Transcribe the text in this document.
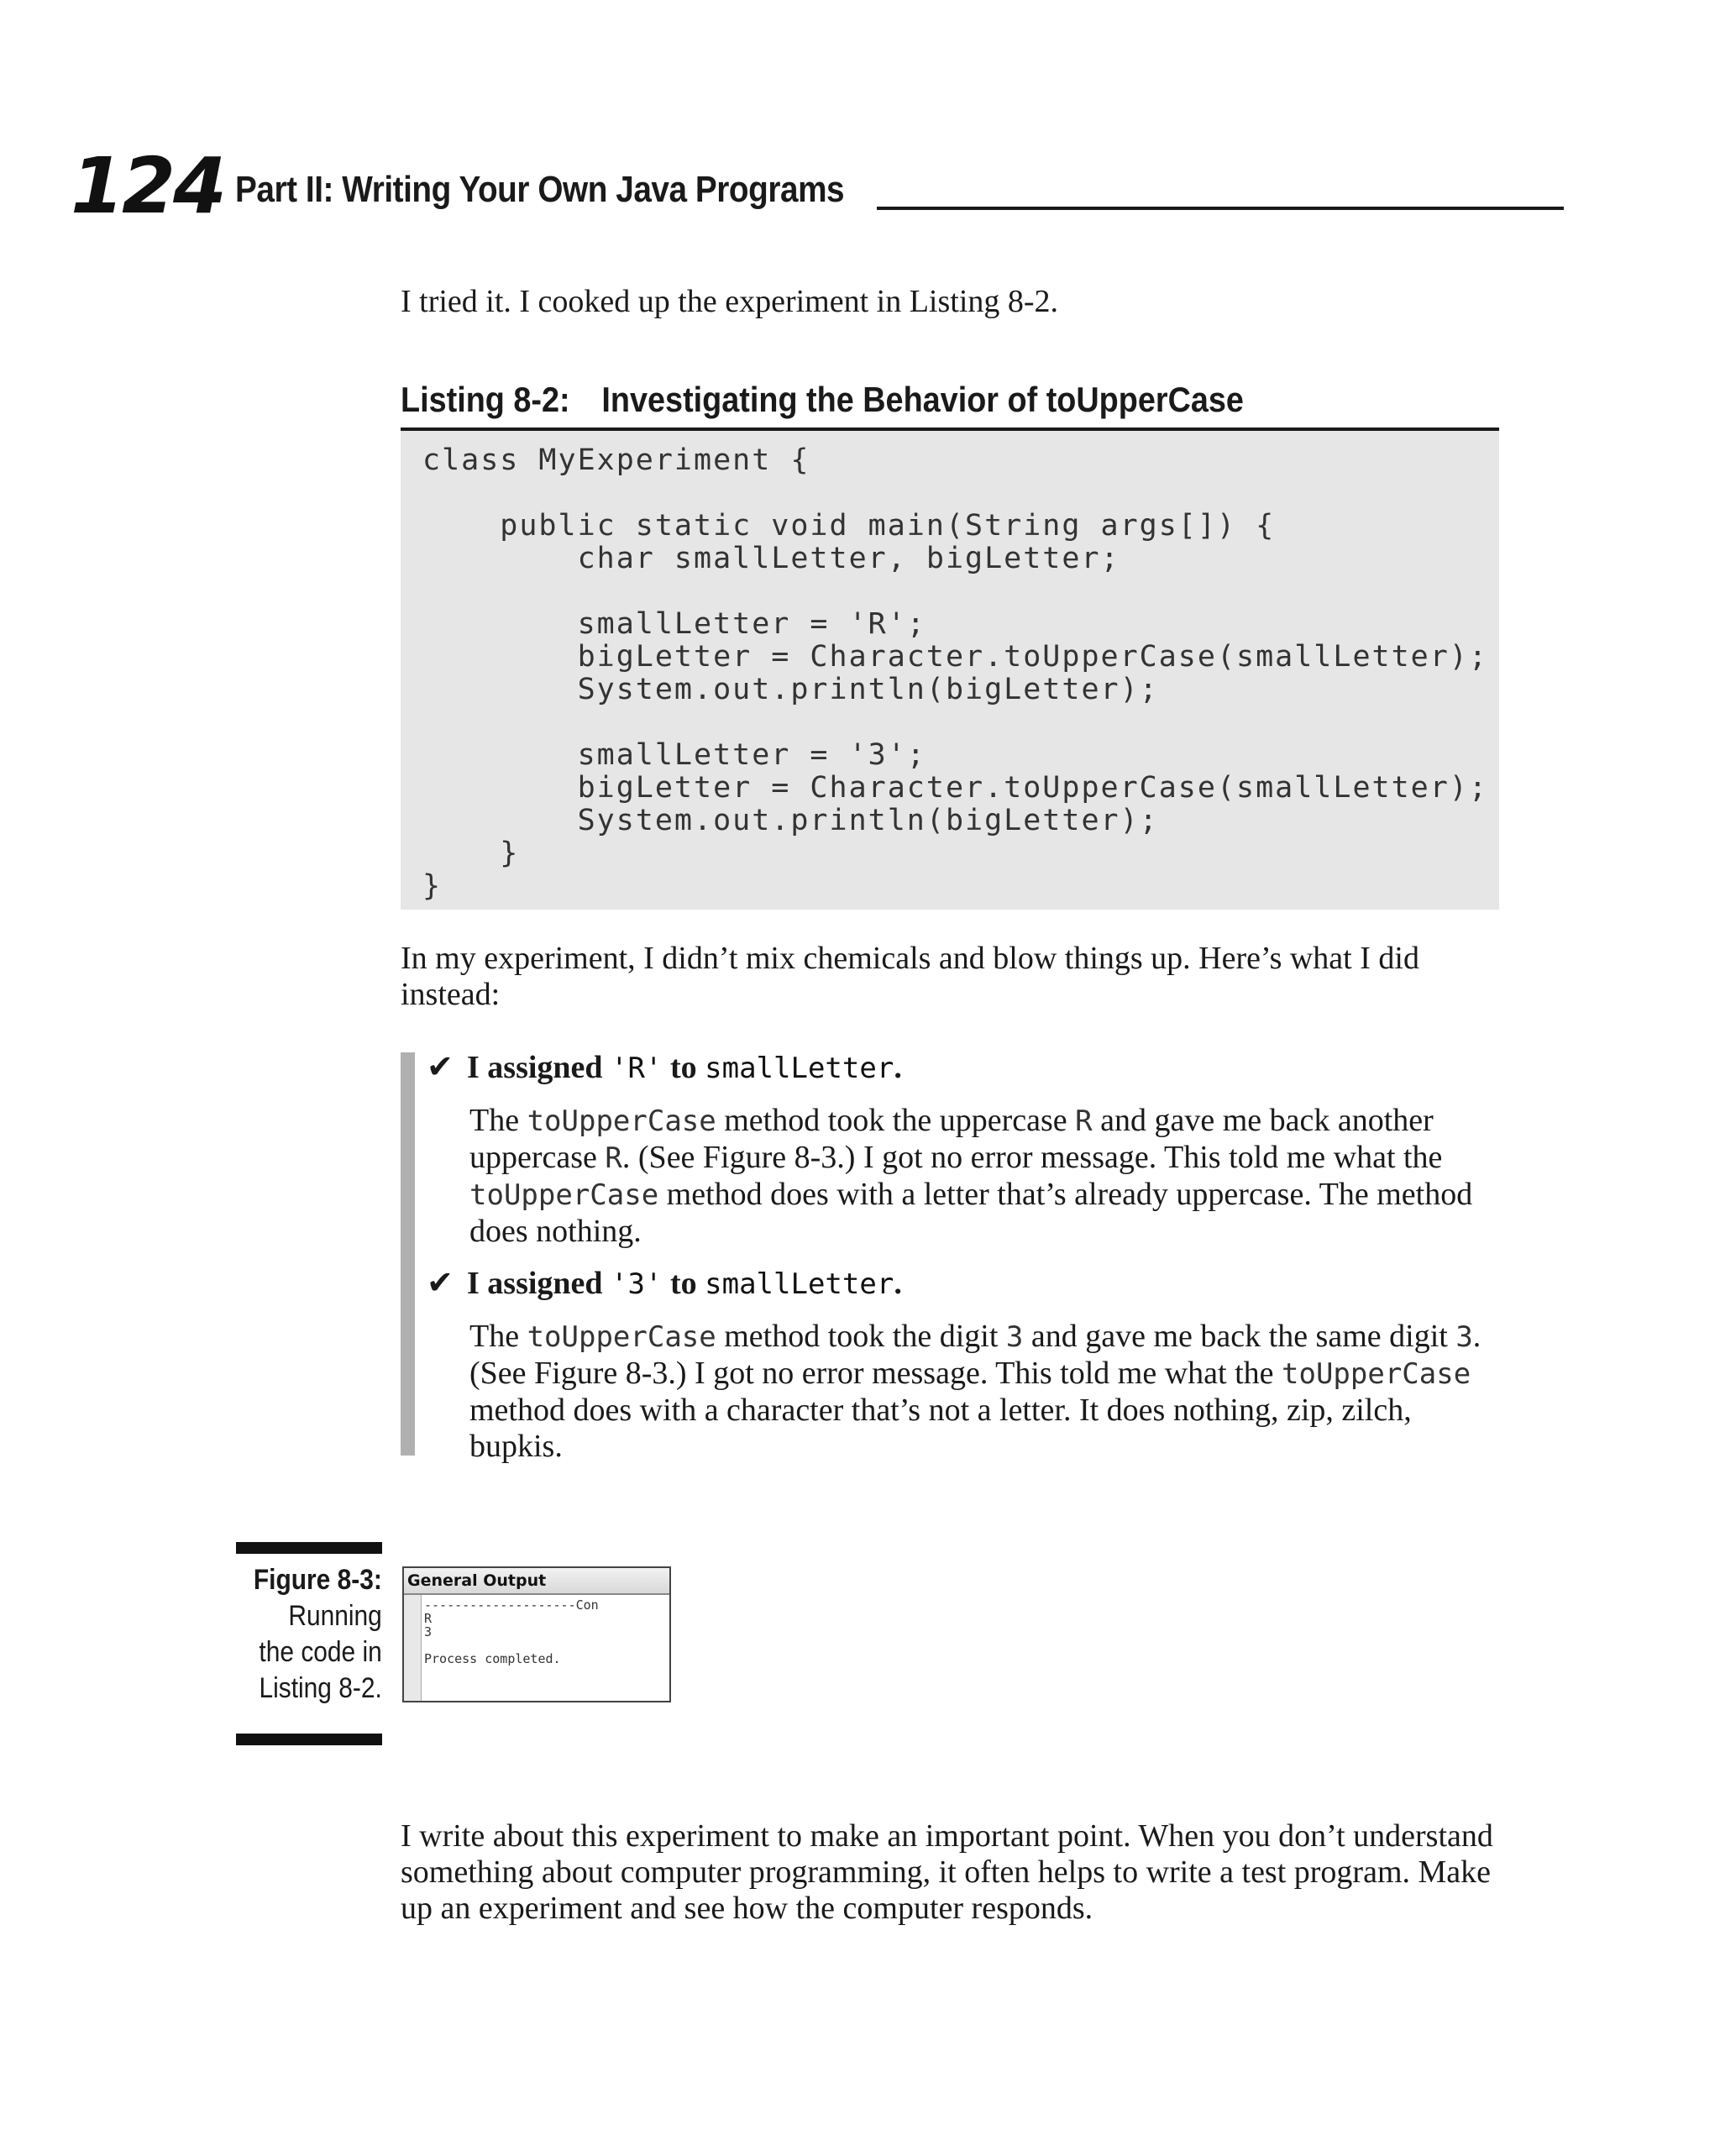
124 Part II: Writing Your Own Java Programs

I tried it. I cooked up the experiment in Listing 8-2.

Listing 8-2: Investigating the Behavior of toUpperCase
class MyExperiment {

public static void main(String args[]) {
char smallLetter, bigLetter;

smallLetter = 'R';
bigLetter = Character.toUpperCase(smallLetter);
System.out.println(bigLetter);

smallLetter = '3';
bigLetter = Character.toUpperCase(smallLetter);
System.out.println(bigLetter);
}
}

In my experiment, I didn’t mix chemicals and blow things up. Here’s what I did instead:

✔ I assigned 'R' to smallLetter.

The toUpperCase method took the uppercase R and gave me back another uppercase R. (See Figure 8-3.) I got no error message. This told me what the toUpperCase method does with a letter that’s already uppercase. The method does nothing.

✔ I assigned '3' to smallLetter.

The toUpperCase method took the digit 3 and gave me back the same digit 3. (See Figure 8-3.) I got no error message. This told me what the toUpperCase method does with a character that’s not a letter. It does nothing, zip, zilch, bupkis.

Figure 8-3:
Running
the code in
Listing 8-2.
General Output
--------------------Con
R
3

Process completed.

I write about this experiment to make an important point. When you don’t understand something about computer programming, it often helps to write a test program. Make up an experiment and see how the computer responds.
